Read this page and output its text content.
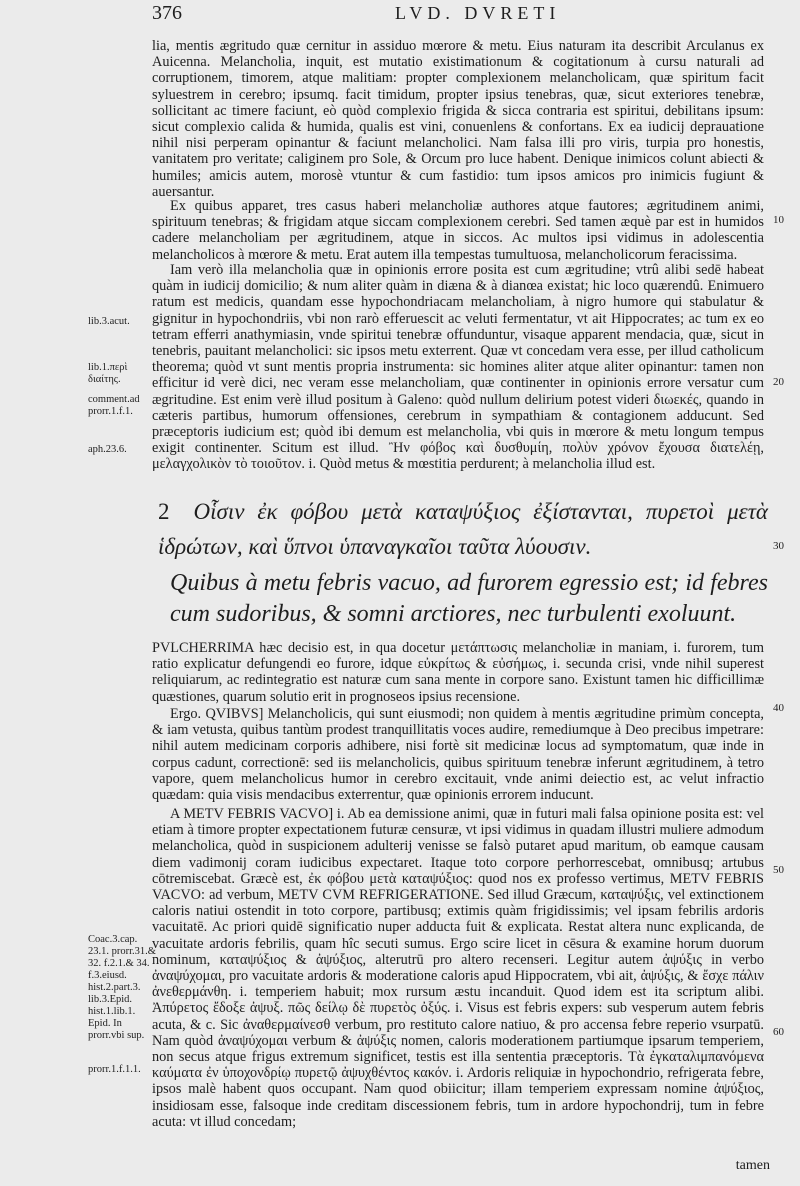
376	LVD. DVRETI

lia, mentis ægritudo quæ cernitur in assiduo mœrore & metu. Eius naturam ita describit Arculanus ex Auicenna. Melancholia, inquit, est mutatio existimationum & cogitationum à cursu naturali ad corruptionem, timorem, atque malitiam: propter complexionem melancholicam, quæ spiritum facit syluestrem in cerebro; ipsumq. facit timidum, propter ipsius tenebras, quæ, sicut exteriores tenebræ, sollicitant ac timere faciunt, eò quòd complexio frigida & sicca contraria est spiritui, debilitans ipsum: sicut complexio calida & humida, qualis est vini, conuenlens & confortans. Ex ea iudicij deprauatione nihil nisi perperam opinantur & faciunt melancholici. Nam falsa illi pro viris, turpia pro honestis, vanitatem pro veritate; caliginem pro Sole, & Orcum pro luce habent. Denique inimicos colunt abiecti & humiles; amicis autem, morosè vtuntur & cum fastidio: tum ipsos amicos pro inimicis fugiunt & auersantur.

Ex quibus apparet, tres casus haberi melancholiæ authores atque fautores; ægritudinem animi, spirituum tenebras; & frigidam atque siccam complexionem cerebri. Sed tamen æquè par est in humidos cadere melancholiam per ægritudinem, atque in siccos. Ac multos ipsi vidimus in adolescentia melancholicos à mœrore & metu. Erat autem illa tempestas tumultuosa, melancholicorum feracissima.

Iam verò illa melancholia quæ in opinionis errore posita est cum ægritudine; vtrû alibi sedē habeat quàm in iudicij domicilio; & num aliter quàm in diæna & à dianœa existat; hic loco quærendû. Enimuero ratum est medicis, quandam esse hypochondriacam melancholiam, à nigro humore qui stabulatur & gignitur in hypochondriis, vbi non rarò efferuescit ac veluti fermentatur, vt ait Hippocrates; ac tum ex eo tetram efferri anathymiasin, vnde spiritui tenebræ offunduntur, visaque apparent mendacia, quæ, sicut in tenebris, pauitant melancholici: sic ipsos metu exterrent. Quæ vt concedam vera esse, per illud catholicum theorema; quòd vt sunt mentis propria instrumenta: sic homines aliter atque aliter opinantur: tamen non efficitur id verè dici, nec veram esse melancholiam, quæ continenter in opinionis errore versatur cum ægritudine. Est enim verè illud positum à Galeno: quòd nullum delirium potest videri διωεκές, quando in cæteris partibus, humorum offensiones, cerebrum in sympathiam & contagionem adducunt. Sed præceptoris iudicium est; quòd ibi demum est melancholia, vbi quis in mœrore & metu longum tempus exigit continenter. Scitum est illud. Ἢν φόβος καὶ δυσθυμίη, πολὺν χρόνον ἔχουσα διατελέῃ, μελαγχολικὸν τὸ τοιοῦτον. i. Quòd metus & mœstitia perdurent; à melancholia illud est.

2 Οἷσιν ἐκ φόβου μετὰ καταψύξιος ἐξίστανται, πυρετοὶ μετὰ ἱδρώτων, καὶ ὕπνοι ὑπαναγκαῖοι ταῦτα λύουσιν.
Quibus à metu febris vacuo, ad furorem egressio est; id febres cum sudoribus, & somni arctiores, nec turbulenti exoluunt.

PVLCHERRIMA hæc decisio est, in qua docetur μετάπτωσις melancholiæ in maniam, i. furorem, tum ratio explicatur defungendi eo furore, idque εὐκρίτως & εὐσήμως, i. secunda crisi, vnde nihil superest reliquiarum, ac redintegratio est naturæ cum sana mente in corpore sano. Existunt tamen hic difficillimæ quæstiones, quarum solutio erit in prognoseos ipsius recensione.

Ergo. QVIBVS] Melancholicis, qui sunt eiusmodi; non quidem à mentis ægritudine primùm concepta, & iam vetusta, quibus tantùm prodest tranquillitatis voces audire, remediumque à Deo precibus impetrare: nihil autem medicinam corporis adhibere, nisi fortè sit medicinæ locus ad symptomatum, quæ inde in corpus cadunt, correctionē: sed iis melancholicis, quibus spirituum tenebræ inferunt ægritudinem, à tetro vapore, quem melancholicus humor in cerebro excitauit, vnde animi deiectio est, ac velut infractio quædam: quia visis mendacibus exterrentur, quæ opinionis errorem inducunt.

A METV FEBRIS VACVO] i. Ab ea demissione animi, quæ in futuri mali falsa opinione posita est: vel etiam à timore propter expectationem futuræ censuræ, vt ipsi vidimus in quadam illustri muliere admodum melancholica, quòd in suspicionem adulterij venisse se falsò putaret apud maritum, ob eamque causam diem vadimonij coram iudicibus expectaret. Itaque toto corpore perhorrescebat, omnibusq; artubus cōtremiscebat. Græcè est, ἐκ φόβου μετὰ καταψύξιος: quod nos ex professo vertimus, METV FEBRIS VACVO: ad verbum, METV CVM REFRIGERATIONE. Sed illud Græcum, καταψύξις, vel extinctionem caloris natiui ostendit in toto corpore, partibusq; extimis quàm frigidissimis; vel ipsam febrilis ardoris vacuitatē. Ac priori quidē significatio nuper adducta fuit & explicata. Restat altera nunc explicanda, de vacuitate ardoris febrilis, quam hîc secuti sumus. Ergo scire licet in cēsura & examine horum duorum nominum, καταψύξιος & ἀψύξιος, alterutrū pro altero recenseri. Legitur autem ἀψύξις in verbo ἀναψύχομαι, pro vacuitate ardoris & moderatione caloris apud Hippocratem, vbi ait, ἀψύξις, & ἔσχε πάλιν ἀνεθερμάνθη. i. temperiem habuit; mox rursum æstu incanduit. Quod idem est ita scriptum alibi. Ἀπύρετος ἔδοξε ἀψυξ. πῶς δείλῳ δὲ πυρετὸς ὀξύς. i. Visus est febris expers: sub vesperum autem febris acuta, & c. Sic ἀναθερμαίνεσθ verbum, pro restituto calore natiuo, & pro accensa febre reperio vsurpatū. Nam quòd ἀναψύχομαι verbum & ἀψύξις nomen, caloris moderationem partiumque ipsarum temperiem, non secus atque frigus extremum significet, testis est illa sententia præceptoris. Τὰ ἐγκαταλιμπανόμενα καύματα ἐν ὑποχονδρίῳ πυρετῷ ἀψυχθέντος κακόν. i. Ardoris reliquiæ in hypochondrio, refrigerata febre, ipsos malè habent quos occupant. Nam quod obiicitur; illam temperiem expressam nomine ἀψύξιος, insidiosam esse, falsoque inde creditam discessionem febris, tum in ardore hypochondrij, tum in febre acuta: vt illud concedam;

tamen
lib.3.acut.
lib.1.περὶ διαίτης.
comment.ad prorr.1.f.1.
aph.23.6.
Coac.3.cap. 23.1. prorr.31.& 32. f.2.1.& 34. f.3.eiusd. hist.2.part.3. lib.3.Epid. hist.1.lib.1. Epid. In prorr.vbi sup.
prorr.1.f.1.1.
10
20
30
40
50
60
